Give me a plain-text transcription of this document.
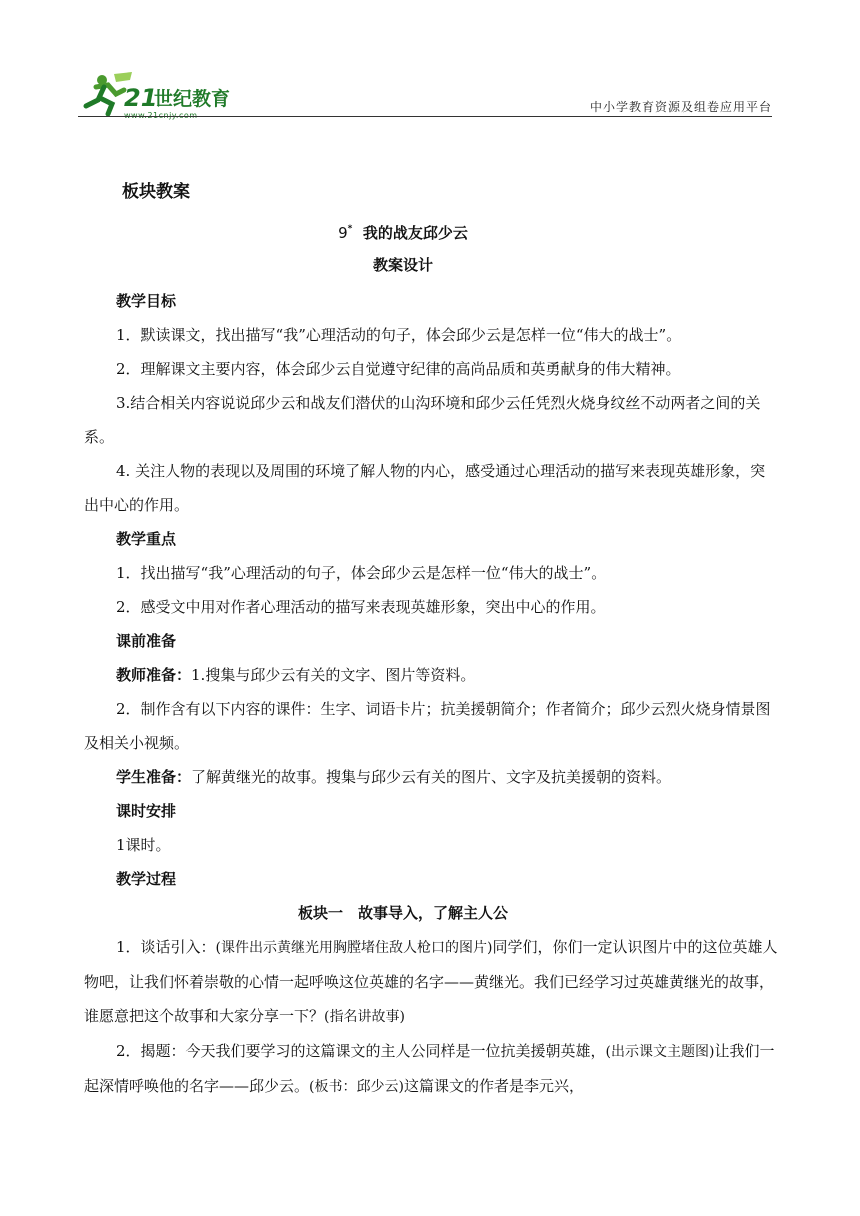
21
世纪教育	中小学教育资源及组卷应用平台

板块教案

9* 我的战友邱少云

教案设计

教学目标

1．默读课文，找出描写“我”心理活动的句子，体会邱少云是怎样一位“伟大的战士”。

2．理解课文主要内容，体会邱少云自觉遵守纪律的高尚品质和英勇献身的伟大精神。

3.结合相关内容说说邱少云和战友们潜伏的山沟环境和邱少云任凭烈火烧身纹丝不动两者之间的关系。

4. 关注人物的表现以及周围的环境了解人物的内心，感受通过心理活动的描写来表现英雄形象，突出中心的作用。

教学重点

1．找出描写“我”心理活动的句子，体会邱少云是怎样一位“伟大的战士”。

2．感受文中用对作者心理活动的描写来表现英雄形象，突出中心的作用。

课前准备

教师准备：1.搜集与邱少云有关的文字、图片等资料。

2．制作含有以下内容的课件：生字、词语卡片；抗美援朝简介；作者简介；邱少云烈火烧身情景图及相关小视频。

学生准备：了解黄继光的故事。搜集与邱少云有关的图片、文字及抗美援朝的资料。

课时安排

1课时。

教学过程

板块一　故事导入，了解主人公

1．谈话引入：(课件出示黄继光用胸膛堵住敌人枪口的图片)同学们，你们一定认识图片中的这位英雄人物吧，让我们怀着崇敬的心情一起呼唤这位英雄的名字——黄继光。我们已经学习过英雄黄继光的故事，谁愿意把这个故事和大家分享一下？(指名讲故事)

2．揭题：今天我们要学习的这篇课文的主人公同样是一位抗美援朝英雄，(出示课文主题图)让我们一起深情呼唤他的名字——邱少云。(板书：邱少云)这篇课文的作者是李元兴，
